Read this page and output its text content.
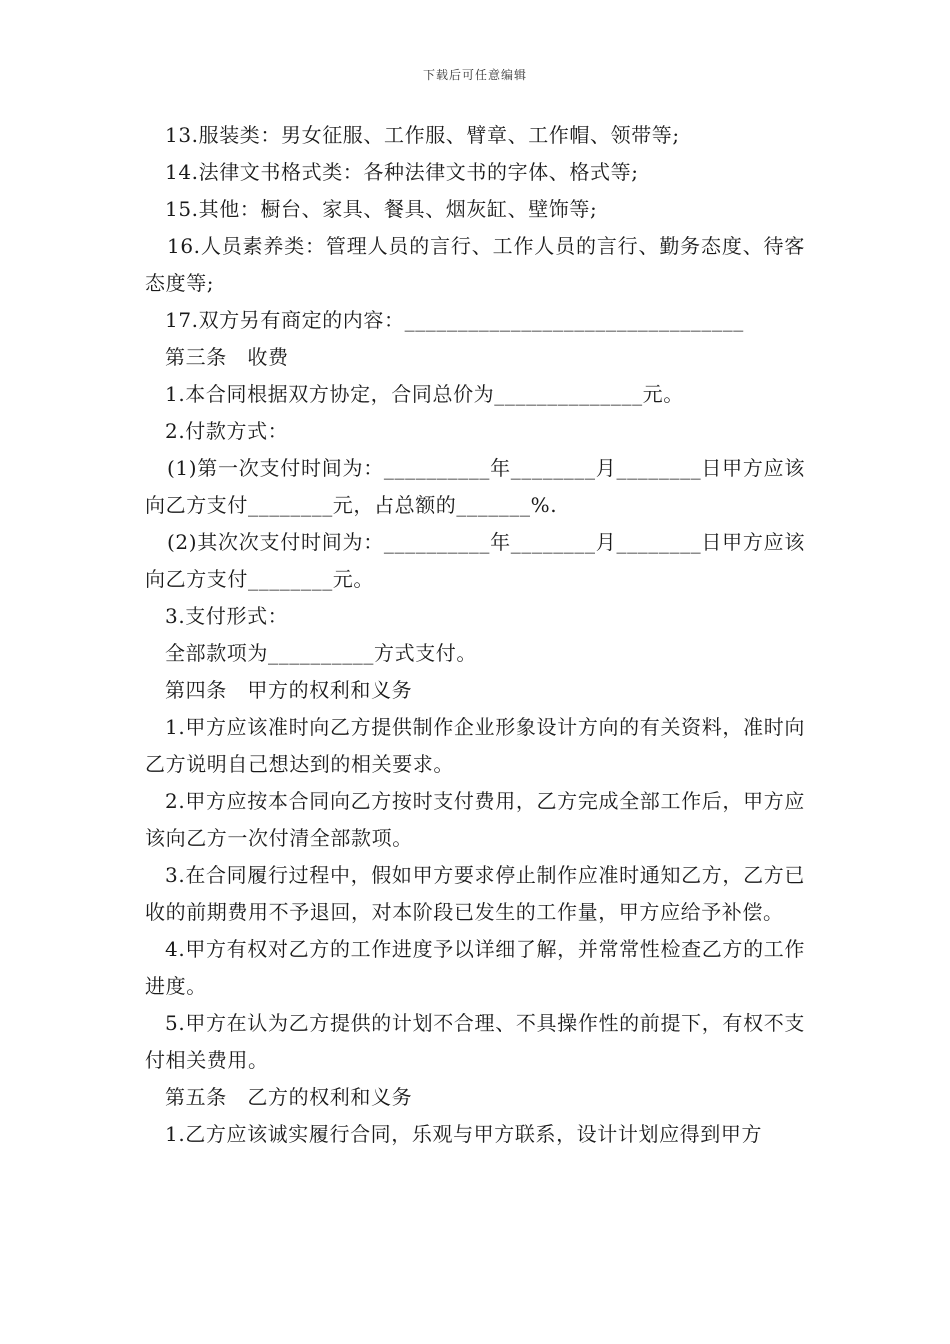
下载后可任意编辑

13.服装类：男女征服、工作服、臂章、工作帽、领带等;

14.法律文书格式类：各种法律文书的字体、格式等;

15.其他：橱台、家具、餐具、烟灰缸、壁饰等;

16.人员素养类：管理人员的言行、工作人员的言行、勤务态度、待客态度等;

17.双方另有商定的内容：________________________________

第三条　收费

1.本合同根据双方协定，合同总价为______________元。

2.付款方式：

(1)第一次支付时间为：__________年________月________日甲方应该向乙方支付________元，占总额的_______%.

(2)其次次支付时间为：__________年________月________日甲方应该向乙方支付________元。

3.支付形式：

全部款项为__________方式支付。

第四条　甲方的权利和义务

1.甲方应该准时向乙方提供制作企业形象设计方向的有关资料，准时向乙方说明自己想达到的相关要求。

2.甲方应按本合同向乙方按时支付费用，乙方完成全部工作后，甲方应该向乙方一次付清全部款项。

3.在合同履行过程中，假如甲方要求停止制作应准时通知乙方，乙方已收的前期费用不予退回，对本阶段已发生的工作量，甲方应给予补偿。

4.甲方有权对乙方的工作进度予以详细了解，并常常性检查乙方的工作进度。

5.甲方在认为乙方提供的计划不合理、不具操作性的前提下，有权不支付相关费用。

第五条　乙方的权利和义务

1.乙方应该诚实履行合同，乐观与甲方联系，设计计划应得到甲方
